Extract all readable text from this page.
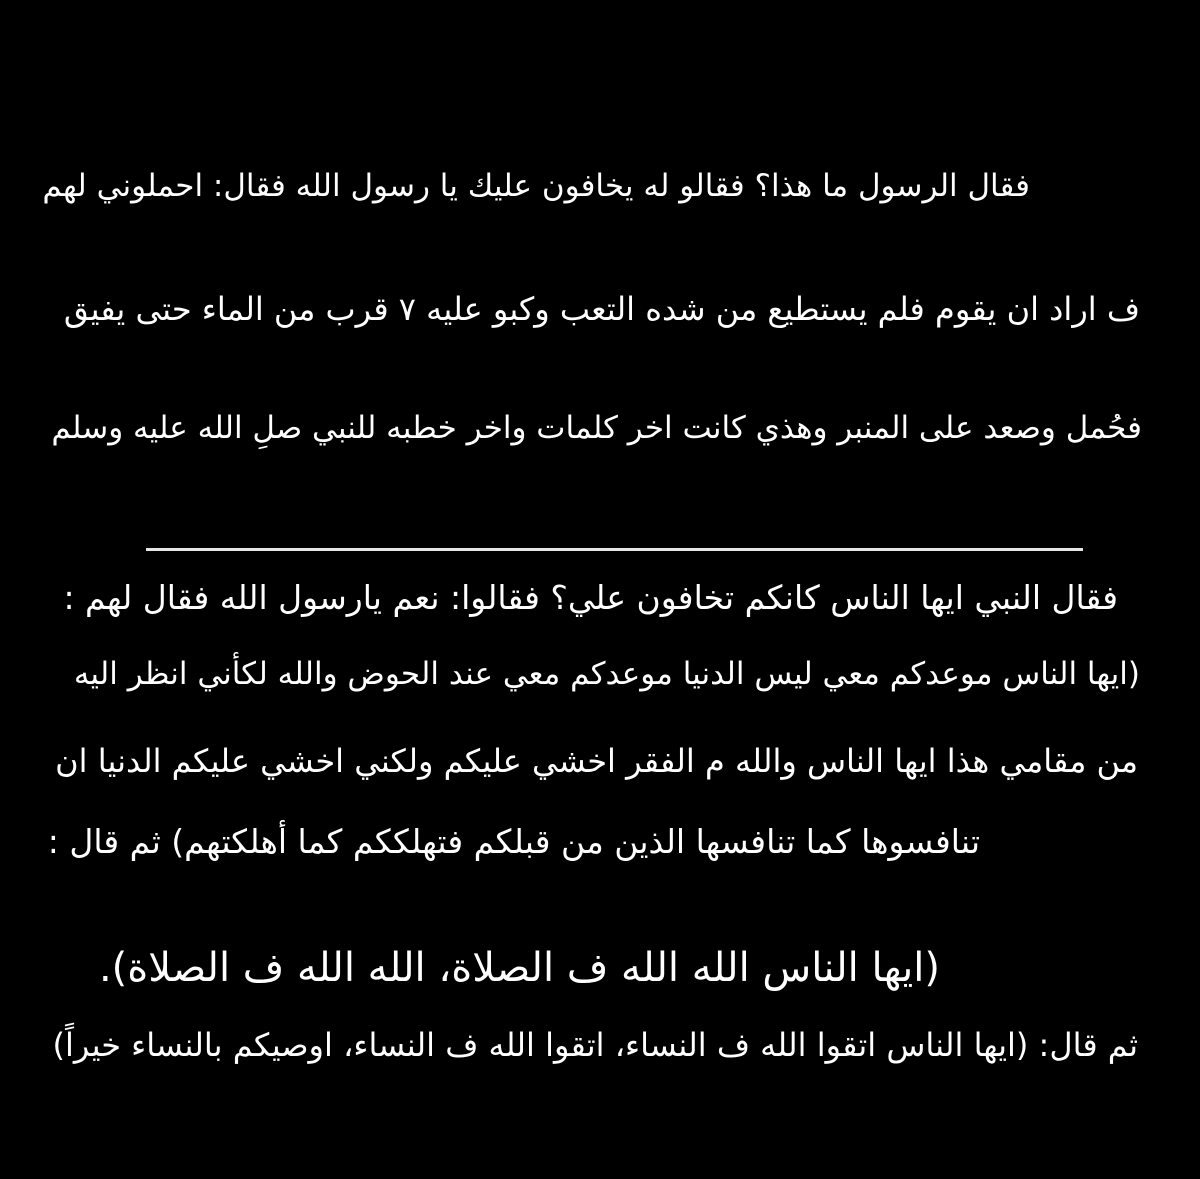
فقال الرسول ما هذا؟ فقالو له يخافون عليك يا رسول الله فقال: احملوني لهم
ف اراد ان يقوم فلم يستطيع من شده التعب وكبو عليه ٧ قرب من الماء حتى يفيق
فحُمل وصعد على المنبر وهذي كانت اخر كلمات واخر خطبه للنبي صلِ الله عليه وسلم
فقال النبي ايها الناس كانكم تخافون علي؟ فقالوا: نعم يارسول الله فقال لهم :
(ايها الناس موعدكم معي ليس الدنيا موعدكم معي عند الحوض والله لكأني انظر اليه
من مقامي هذا ايها الناس والله م الفقر اخشي عليكم ولكني اخشي عليكم الدنيا ان
تنافسوها كما تنافسها الذين من قبلكم فتهلككم كما أهلكتهم) ثم قال :
(ايها الناس الله الله ف الصلاة، الله الله ف الصلاة).
ثم قال: (ايها الناس اتقوا الله ف النساء، اتقوا الله ف النساء، اوصيكم بالنساء خيراً)
